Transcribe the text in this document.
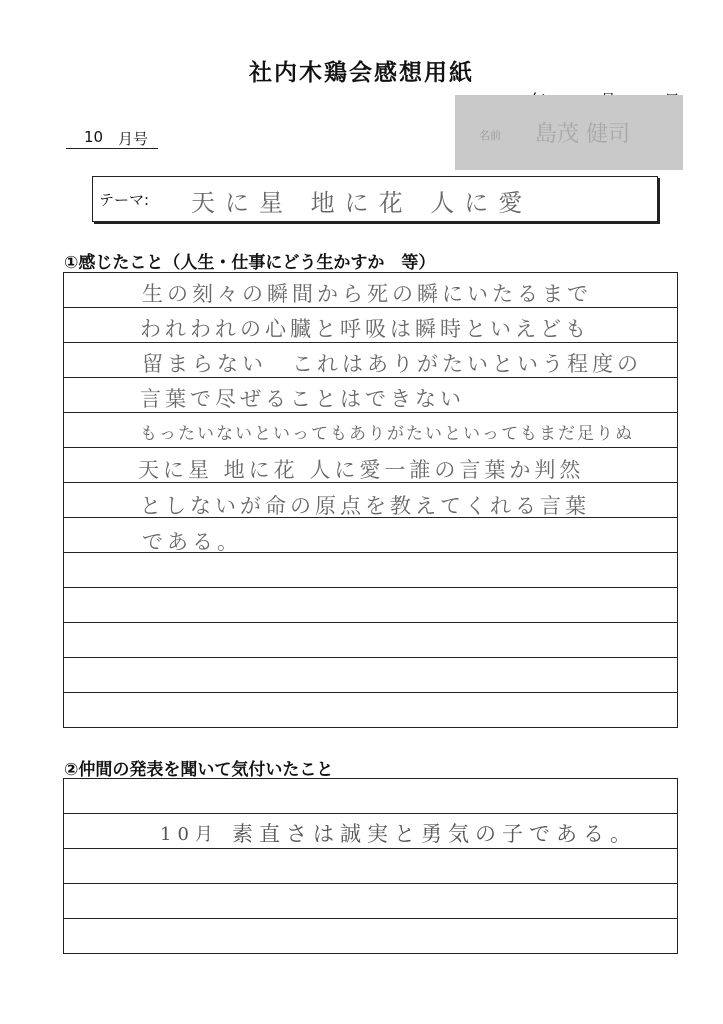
社内木鶏会感想用紙
10 月号	名前 島茂 健司
テーマ: 天に星 地に花 人に愛
①感じたこと（人生・仕事にどう生かすか　等）
生の刻々の瞬間から死の瞬にいたるまで
われわれの心臓と呼吸は瞬時といえども
留まらない　これはありがたいという程度の
言葉で尽ぜることはできない
もったいないといってもありがたいといってもまだ足りぬ
天に星 地に花 人に愛一誰の言葉か判然
としないが命の原点を教えてくれる言葉
である。
②仲間の発表を聞いて気付いたこと
10月 素直さは誠実と勇気の子である。
